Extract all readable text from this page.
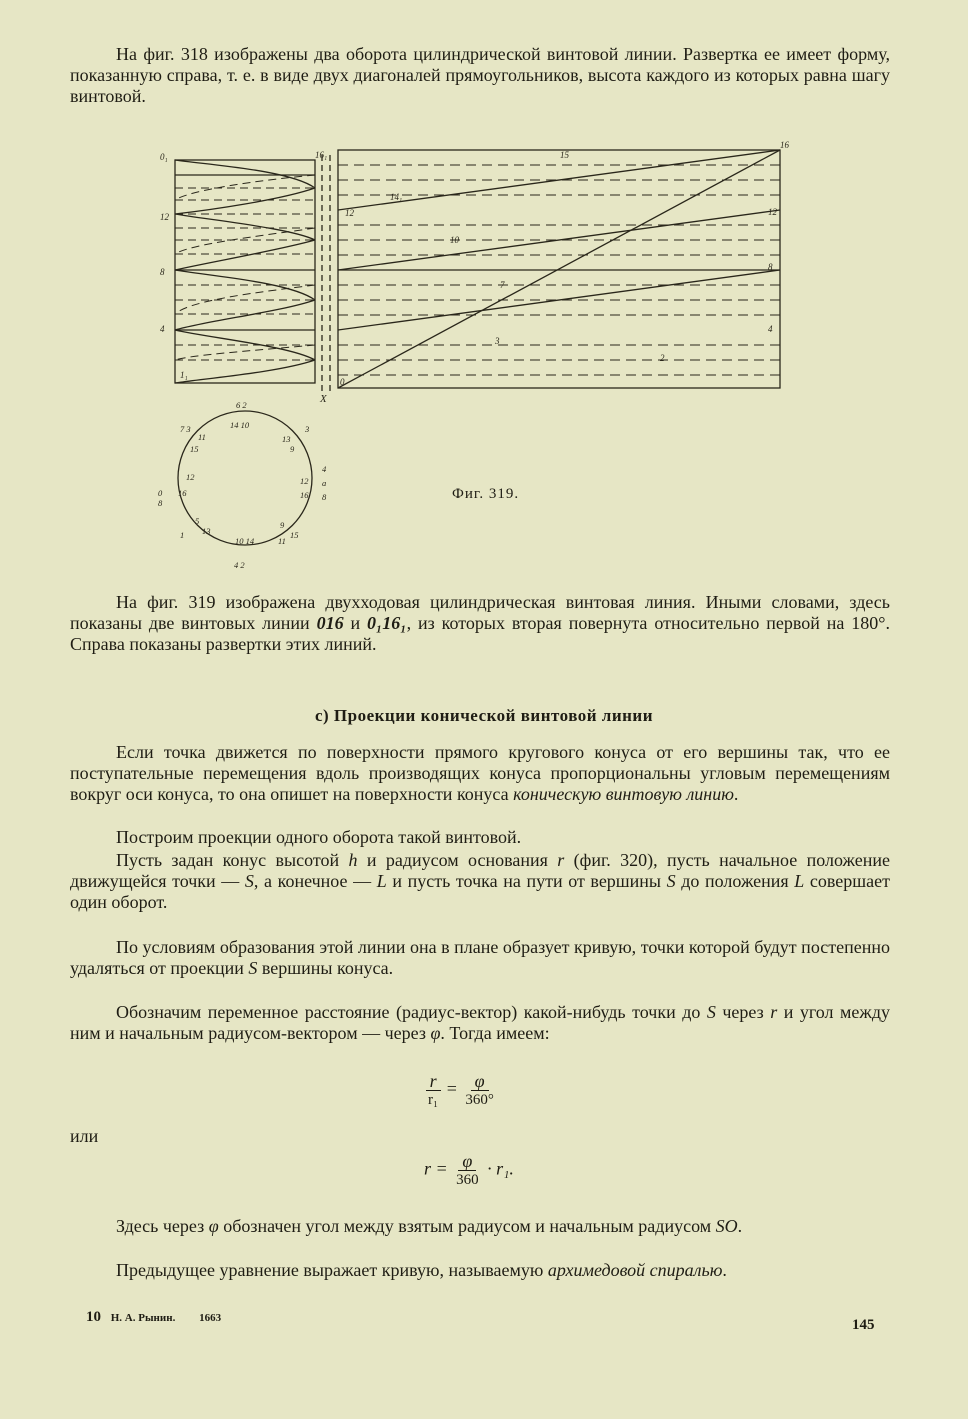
На фиг. 318 изображены два оборота цилиндрической винтовой линии. Развертка ее имеет форму, показанную справа, т. е. в виде двух диагоналей прямоугольников, высота каждого из которых равна шагу винтовой.

16₁
16
X
0
12	12
8
4
15
14₁
10
7
3
2
0₁
12
8
4
1₁
6 2
14 10
7 3
11
15
3
13
9
12
16
0
4
a
8
12
16
8
5
1 13
9
10 14
15
11
4 2
Фиг. 319.

На фиг. 319 изображена двухходовая цилиндрическая винтовая линия. Иными словами, здесь показаны две винтовых линии 016 и 0₁16₁, из которых вторая повернута относительно первой на 180°. Справа показаны развертки этих линий.

с) Проекции конической винтовой линии

Если точка движется по поверхности прямого кругового конуса от его вершины так, что ее поступательные перемещения вдоль производящих конуса пропорциональны угловым перемещениям вокруг оси конуса, то она опишет на поверхности конуса коническую винтовую линию.

Построим проекции одного оборота такой винтовой.

Пусть задан конус высотой h и радиусом основания r (фиг. 320), пусть начальное положение движущейся точки — S, а конечное — L и пусть точка на пути от вершины S до положения L совершает один оборот.

По условиям образования этой линии она в плане образует кривую, точки которой будут постепенно удаляться от проекции S вершины конуса.

Обозначим переменное расстояние (радиус-вектор) какой-нибудь точки до S через r и угол между ним и начальным радиусом-вектором — через φ. Тогда имеем:

$\frac{r}{\text{r₁}} = \frac{\varphi}{360^\circ}$
или
$r = \frac{\varphi}{360} \cdot r_1$.

Здесь через φ обозначен угол между взятым радиусом и начальным радиусом SO.

Предыдущее уравнение выражает кривую, называемую архимедовой спиралью.

10 Н. А. Рынин. 1663	145
